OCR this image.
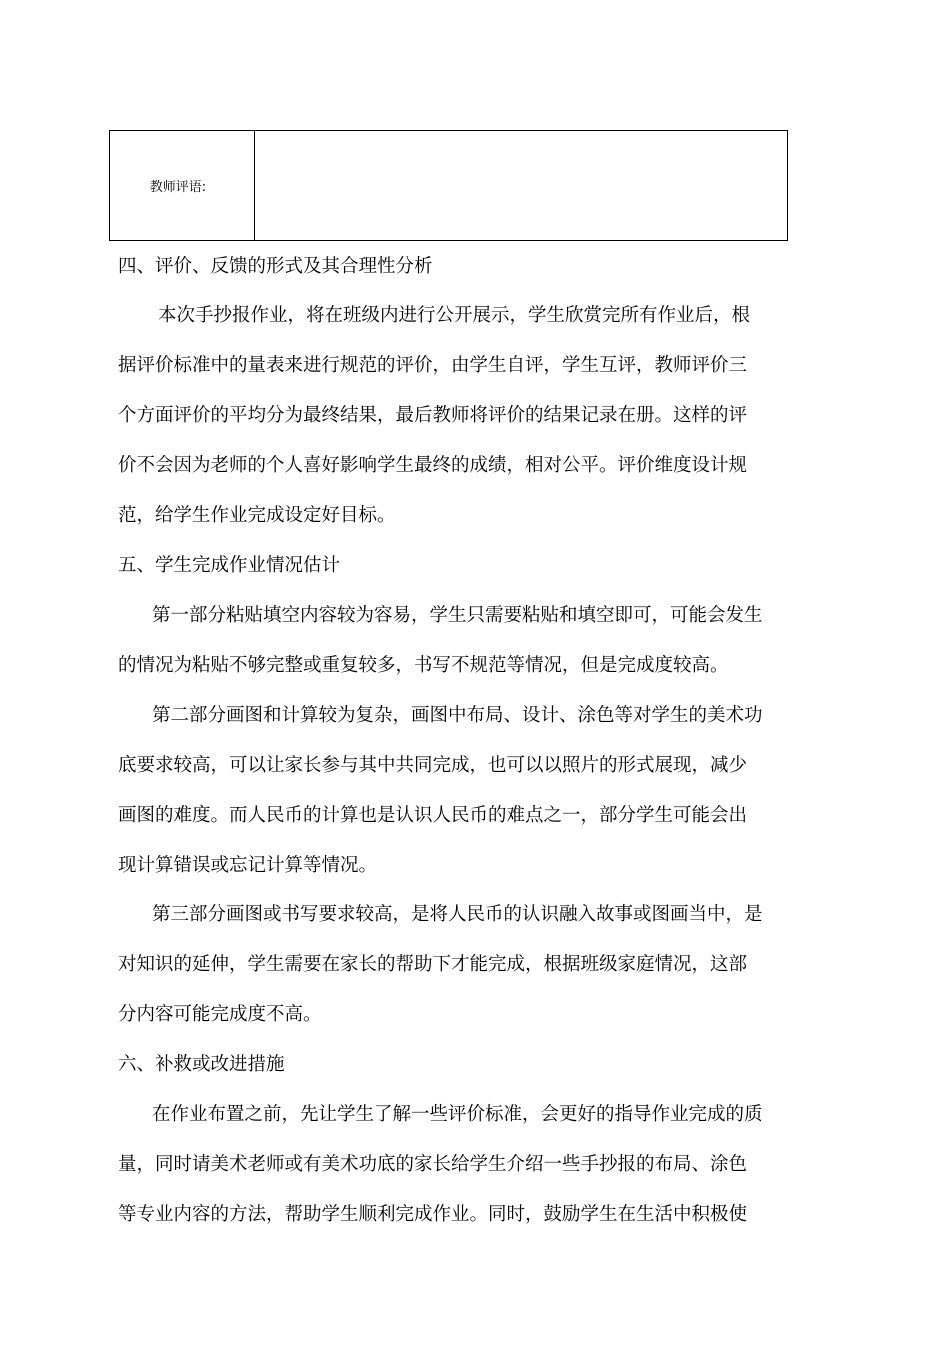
教师评语:	
四、评价、反馈的形式及其合理性分析
本次手抄报作业，将在班级内进行公开展示，学生欣赏完所有作业后，根
据评价标准中的量表来进行规范的评价，由学生自评，学生互评，教师评价三
个方面评价的平均分为最终结果，最后教师将评价的结果记录在册。这样的评
价不会因为老师的个人喜好影响学生最终的成绩，相对公平。评价维度设计规
范，给学生作业完成设定好目标。
五、学生完成作业情况估计
第一部分粘贴填空内容较为容易，学生只需要粘贴和填空即可，可能会发生
的情况为粘贴不够完整或重复较多，书写不规范等情况，但是完成度较高。
第二部分画图和计算较为复杂，画图中布局、设计、涂色等对学生的美术功
底要求较高，可以让家长参与其中共同完成，也可以以照片的形式展现，减少
画图的难度。而人民币的计算也是认识人民币的难点之一，部分学生可能会出
现计算错误或忘记计算等情况。
第三部分画图或书写要求较高，是将人民币的认识融入故事或图画当中，是
对知识的延伸，学生需要在家长的帮助下才能完成，根据班级家庭情况，这部
分内容可能完成度不高。
六、补救或改进措施
在作业布置之前，先让学生了解一些评价标准，会更好的指导作业完成的质
量，同时请美术老师或有美术功底的家长给学生介绍一些手抄报的布局、涂色
等专业内容的方法，帮助学生顺利完成作业。同时，鼓励学生在生活中积极使
